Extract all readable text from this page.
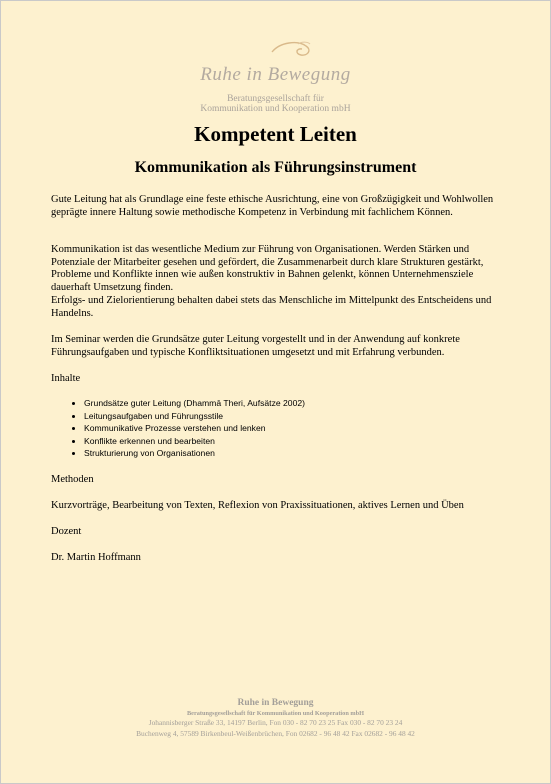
Ruhe in Bewegung
Beratungsgesellschaft für
Kommunikation und Kooperation mbH
Kompetent Leiten
Kommunikation als Führungsinstrument
Gute Leitung hat als Grundlage eine feste ethische Ausrichtung, eine von Großzügigkeit und Wohlwollen geprägte innere Haltung sowie methodische Kompetenz in Verbindung mit fachlichem Können.
Kommunikation ist das wesentliche Medium zur Führung von Organisationen. Werden Stärken und Potenziale der Mitarbeiter gesehen und gefördert, die Zusammenarbeit durch klare Strukturen gestärkt, Probleme und Konflikte innen wie außen konstruktiv in Bahnen gelenkt, können Unternehmensziele dauerhaft Umsetzung finden.
Erfolgs- und Zielorientierung behalten dabei stets das Menschliche im Mittelpunkt des Entscheidens und Handelns.
Im Seminar werden die Grundsätze guter Leitung vorgestellt und in der Anwendung auf konkrete Führungsaufgaben und typische Konfliktsituationen umgesetzt und mit Erfahrung verbunden.
Inhalte
• Grundsätze guter Leitung (Dhammā Theri, Aufsätze 2002)
• Leitungsaufgaben und Führungsstile
• Kommunikative Prozesse verstehen und lenken
• Konflikte erkennen und bearbeiten
• Strukturierung von Organisationen
Methoden
Kurzvorträge, Bearbeitung von Texten, Reflexion von Praxissituationen, aktives Lernen und Üben
Dozent
Dr. Martin Hoffmann
Ruhe in Bewegung
Beratungsgesellschaft für Kommunikation und Kooperation mbH
Johannisberger Straße 33, 14197 Berlin, Fon 030 - 82 70 23 25 Fax 030 - 82 70 23 24
Buchenweg 4, 57589 Birkenbeul-Weißenbrüchen, Fon 02682 - 96 48 42 Fax 02682 - 96 48 42
